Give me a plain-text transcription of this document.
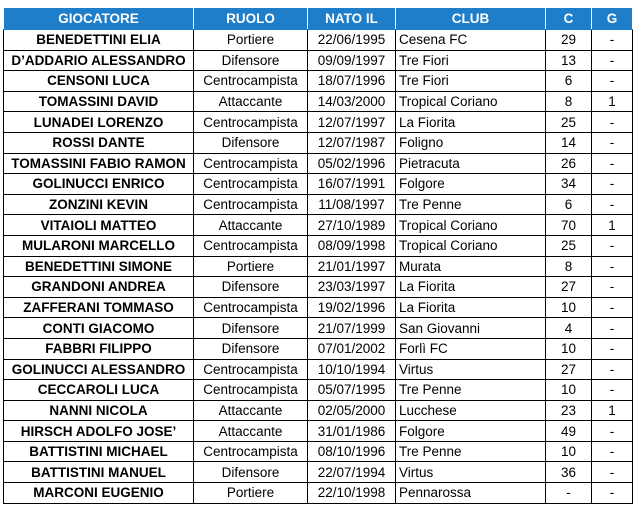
GIOCATORE	RUOLO	NATO IL	CLUB	C	G
BENEDETTINI ELIA	Portiere	22/06/1995	Cesena FC	29	-
D’ADDARIO ALESSANDRO	Difensore	09/09/1997	Tre Fiori	13	-
CENSONI LUCA	Centrocampista	18/07/1996	Tre Fiori	6	-
TOMASSINI DAVID	Attaccante	14/03/2000	Tropical Coriano	8	1
LUNADEI LORENZO	Centrocampista	12/07/1997	La Fiorita	25	-
ROSSI DANTE	Difensore	12/07/1987	Foligno	14	-
TOMASSINI FABIO RAMON	Centrocampista	05/02/1996	Pietracuta	26	-
GOLINUCCI ENRICO	Centrocampista	16/07/1991	Folgore	34	-
ZONZINI KEVIN	Centrocampista	11/08/1997	Tre Penne	6	-
VITAIOLI MATTEO	Attaccante	27/10/1989	Tropical Coriano	70	1
MULARONI MARCELLO	Centrocampista	08/09/1998	Tropical Coriano	25	-
BENEDETTINI SIMONE	Portiere	21/01/1997	Murata	8	-
GRANDONI ANDREA	Difensore	23/03/1997	La Fiorita	27	-
ZAFFERANI TOMMASO	Centrocampista	19/02/1996	La Fiorita	10	-
CONTI GIACOMO	Difensore	21/07/1999	San Giovanni	4	-
FABBRI FILIPPO	Difensore	07/01/2002	Forlì FC	10	-
GOLINUCCI ALESSANDRO	Centrocampista	10/10/1994	Virtus	27	-
CECCAROLI LUCA	Centrocampista	05/07/1995	Tre Penne	10	-
NANNI NICOLA	Attaccante	02/05/2000	Lucchese	23	1
HIRSCH ADOLFO JOSE’	Attaccante	31/01/1986	Folgore	49	-
BATTISTINI MICHAEL	Centrocampista	08/10/1996	Tre Penne	10	-
BATTISTINI MANUEL	Difensore	22/07/1994	Virtus	36	-
MARCONI EUGENIO	Portiere	22/10/1998	Pennarossa	-	-
